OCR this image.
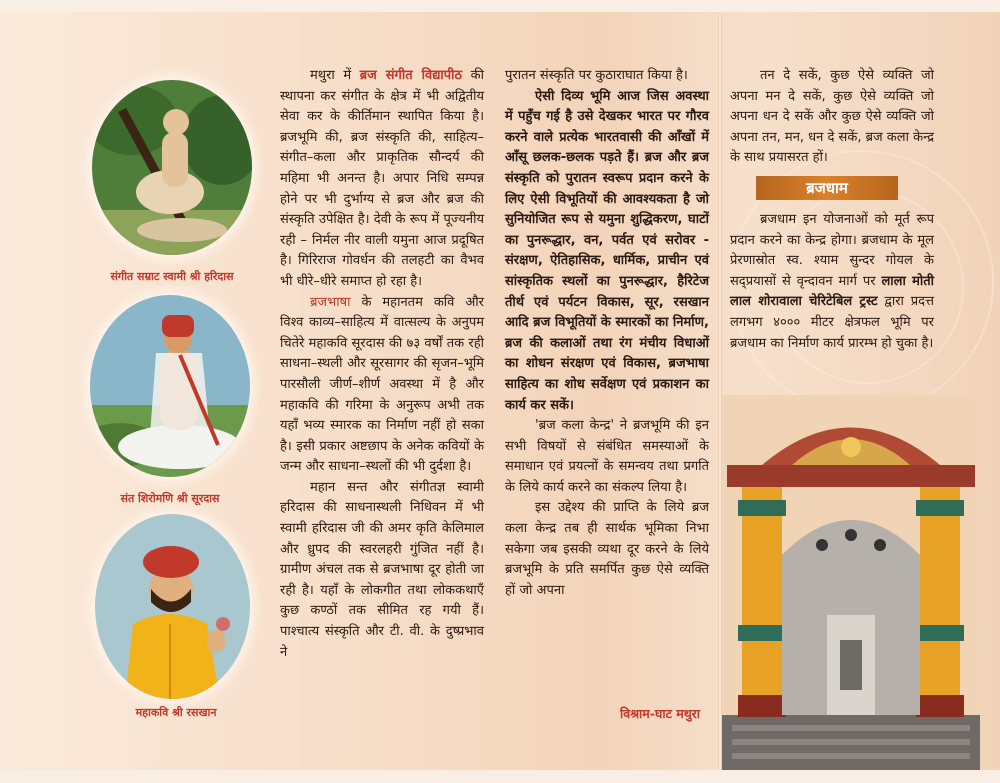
संगीत सम्राट स्वामी श्री हरिदास
संत शिरोमणि श्री सूरदास
महाकवि श्री रसखान

मथुरा में ब्रज संगीत विद्यापीठ की स्थापना कर संगीत के क्षेत्र में भी अद्वितीय सेवा कर के कीर्तिमान स्थापित किया है। ब्रजभूमि की, ब्रज संस्कृति की, साहित्य–संगीत–कला और प्राकृतिक सौन्दर्य की महिमा भी अनन्त है। अपार निधि सम्पन्न होने पर भी दुर्भाग्य से ब्रज और ब्रज की संस्कृति उपेक्षित है। देवी के रूप में पूज्यनीय रही – निर्मल नीर वाली यमुना आज प्रदूषित है। गिरिराज गोवर्धन की तलहटी का वैभव भी धीरे–धीरे समाप्त हो रहा है।

ब्रजभाषा के महानतम कवि और विश्व काव्य–साहित्य में वात्सल्य के अनुपम चितेरे महाकवि सूरदास की ७३ वर्षों तक रही साधना–स्थली और सूरसागर की सृजन–भूमि पारसौली जीर्ण–शीर्ण अवस्था में है और महाकवि की गरिमा के अनुरूप अभी तक यहाँ भव्य स्मारक का निर्माण नहीं हो सका है। इसी प्रकार अष्टछाप के अनेक कवियों के जन्म और साधना–स्थलों की भी दुर्दशा है।

महान सन्त और संगीतज्ञ स्वामी हरिदास की साधनास्थली निधिवन में भी स्वामी हरिदास जी की अमर कृति केलिमाल और ध्रुपद की स्वरलहरी गुंजित नहीं है। ग्रामीण अंचल तक से ब्रजभाषा दूर होती जा रही है। यहाँ के लोकगीत तथा लोककथाएँ कुछ कण्ठों तक सीमित रह गयी हैं। पाश्चात्य संस्कृति और टी. वी. के दुष्प्रभाव ने

पुरातन संस्कृति पर कुठाराघात किया है।

ऐसी दिव्य भूमि आज जिस अवस्था में पहुँच गई है उसे देखकर भारत पर गौरव करने वाले प्रत्येक भारतवासी की आँखों में आँसू छलक-छलक पड़ते हैं। ब्रज और ब्रज संस्कृति को पुरातन स्वरूप प्रदान करने के लिए ऐसी विभूतियों की आवश्यकता है जो सुनियोजित रूप से यमुना शुद्धिकरण, घाटों का पुनरूद्धार, वन, पर्वत एवं सरोवर - संरक्षण, ऐतिहासिक, धार्मिक, प्राचीन एवं सांस्कृतिक स्थलों का पुनरूद्धार, हैरिटेज तीर्थ एवं पर्यटन विकास, सूर, रसखान आदि ब्रज विभूतियों के स्मारकों का निर्माण, ब्रज की कलाओं तथा रंग मंचीय विधाओं का शोधन संरक्षण एवं विकास, ब्रजभाषा साहित्य का शोध सर्वेक्षण एवं प्रकाशन का कार्य कर सकें।

'ब्रज कला केन्द्र' ने ब्रजभूमि की इन सभी विषयों से संबंधित समस्याओं के समाधान एवं प्रयत्नों के समन्वय तथा प्रगति के लिये कार्य करने का संकल्प लिया है।

इस उद्देश्य की प्राप्ति के लिये ब्रज कला केन्द्र तब ही सार्थक भूमिका निभा सकेगा जब इसकी व्यथा दूर करने के लिये ब्रजभूमि के प्रति समर्पित कुछ ऐसे व्यक्ति हों जो अपना

विश्राम-घाट मथुरा

तन दे सकें, कुछ ऐसे व्यक्ति जो अपना मन दे सकें, कुछ ऐसे व्यक्ति जो अपना धन दे सकें और कुछ ऐसे व्यक्ति जो अपना तन, मन, धन दे सकें, ब्रज कला केन्द्र के साथ प्रयासरत हों।

ब्रजधाम

ब्रजधाम इन योजनाओं को मूर्त रूप प्रदान करने का केन्द्र होगा। ब्रजधाम के मूल प्रेरणास्रोत स्व. श्याम सुन्दर गोयल के सद्प्रयासों से वृन्दावन मार्ग पर लाला मोती लाल शोरावाला चेरिटेबिल ट्रस्ट द्वारा प्रदत्त लगभग ४००० मीटर क्षेत्रफल भूमि पर ब्रजधाम का निर्माण कार्य प्रारम्भ हो चुका है।
